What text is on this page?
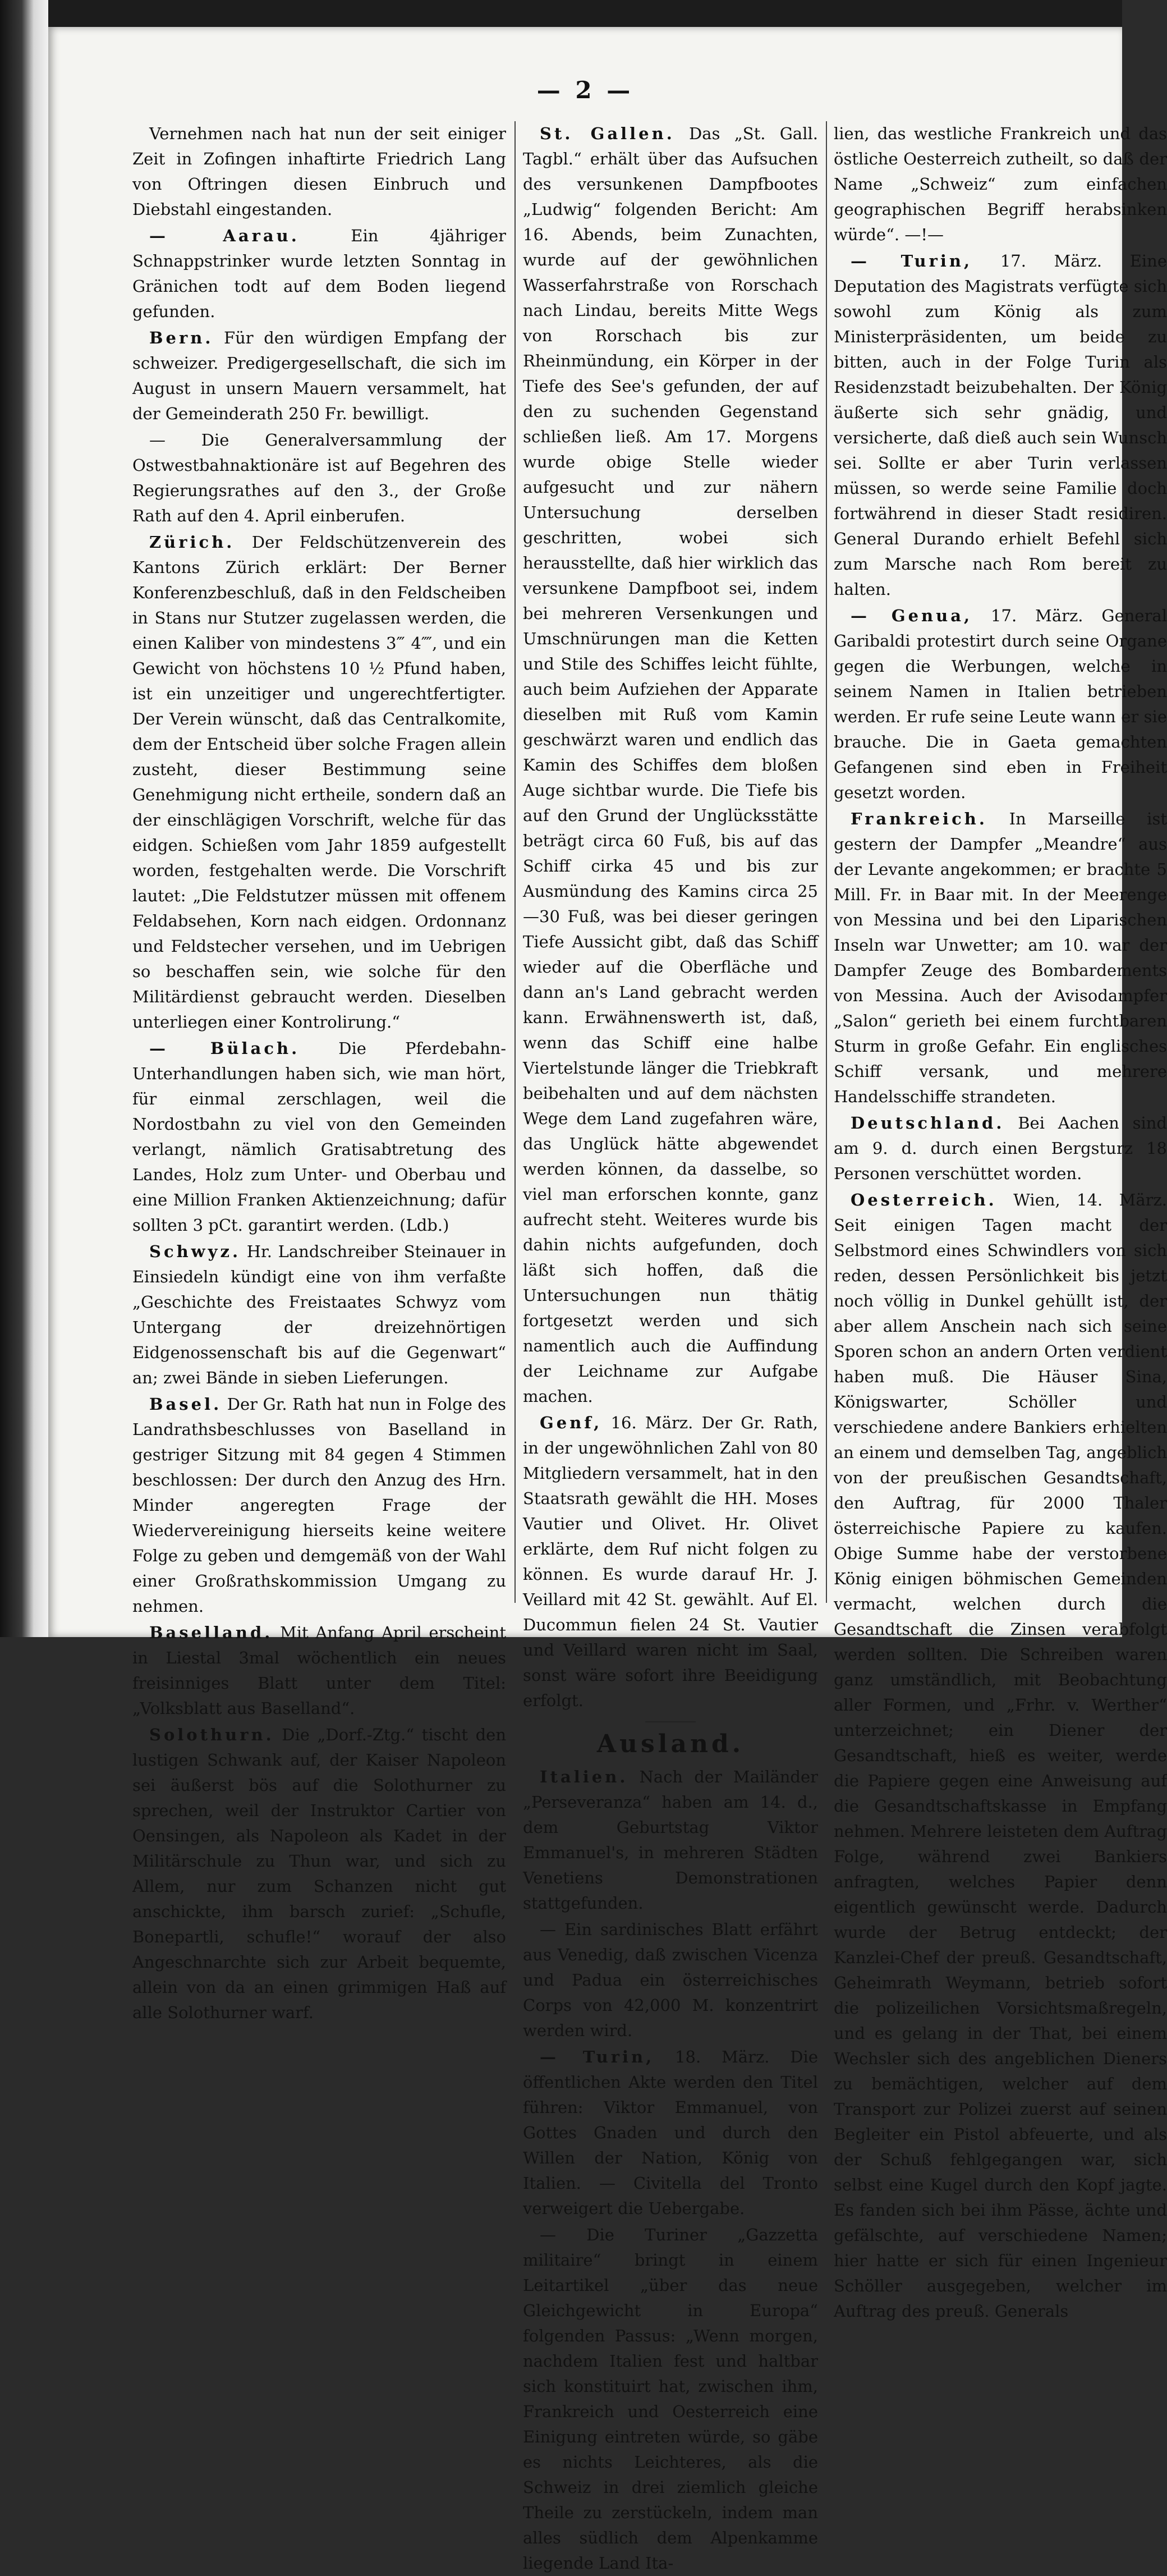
— 2 —

Vernehmen nach hat nun der seit einiger Zeit in Zofingen inhaftirte Friedrich Lang von Oftringen diesen Einbruch und Diebstahl eingestanden.

— Aarau. Ein 4jähriger Schnappstrinker wurde letzten Sonntag in Gränichen todt auf dem Boden liegend gefunden.

Bern. Für den würdigen Empfang der schweizer. Predigergesellschaft, die sich im August in unsern Mauern versammelt, hat der Gemeinderath 250 Fr. bewilligt.

— Die Generalversammlung der Ostwestbahnaktionäre ist auf Begehren des Regierungsrathes auf den 3., der Große Rath auf den 4. April einberufen.

Zürich. Der Feldschützenverein des Kantons Zürich erklärt: Der Berner Konferenzbeschluß, daß in den Feldscheiben in Stans nur Stutzer zugelassen werden, die einen Kaliber von mindestens 3‴ 4⁗, und ein Gewicht von höchstens 10 ½ Pfund haben, ist ein unzeitiger und ungerechtfertigter. Der Verein wünscht, daß das Centralkomite, dem der Entscheid über solche Fragen allein zusteht, dieser Bestimmung seine Genehmigung nicht ertheile, sondern daß an der einschlägigen Vorschrift, welche für das eidgen. Schießen vom Jahr 1859 aufgestellt worden, festgehalten werde. Die Vorschrift lautet: „Die Feldstutzer müssen mit offenem Feldabsehen, Korn nach eidgen. Ordonnanz und Feldstecher versehen, und im Uebrigen so beschaffen sein, wie solche für den Militärdienst gebraucht werden. Dieselben unterliegen einer Kontrolirung.“

— Bülach. Die Pferdebahn-Unterhandlungen haben sich, wie man hört, für einmal zerschlagen, weil die Nordostbahn zu viel von den Gemeinden verlangt, nämlich Gratisabtretung des Landes, Holz zum Unter- und Oberbau und eine Million Franken Aktienzeichnung; dafür sollten 3 pCt. garantirt werden. (Ldb.)

Schwyz. Hr. Landschreiber Steinauer in Einsiedeln kündigt eine von ihm verfaßte „Geschichte des Freistaates Schwyz vom Untergang der dreizehnörtigen Eidgenossenschaft bis auf die Gegenwart“ an; zwei Bände in sieben Lieferungen.

Basel. Der Gr. Rath hat nun in Folge des Landrathsbeschlusses von Baselland in gestriger Sitzung mit 84 gegen 4 Stimmen beschlossen: Der durch den Anzug des Hrn. Minder angeregten Frage der Wiedervereinigung hierseits keine weitere Folge zu geben und demgemäß von der Wahl einer Großrathskommission Umgang zu nehmen.

Baselland. Mit Anfang April erscheint in Liestal 3mal wöchentlich ein neues freisinniges Blatt unter dem Titel: „Volksblatt aus Baselland“.

Solothurn. Die „Dorf.-Ztg.“ tischt den lustigen Schwank auf, der Kaiser Napoleon sei äußerst bös auf die Solothurner zu sprechen, weil der Instruktor Cartier von Oensingen, als Napoleon als Kadet in der Militärschule zu Thun war, und sich zu Allem, nur zum Schanzen nicht gut anschickte, ihm barsch zurief: „Schufle, Bonepartli, schufle!“ worauf der also Angeschnarchte sich zur Arbeit bequemte, allein von da an einen grimmigen Haß auf alle Solothurner warf.

St. Gallen. Das „St. Gall. Tagbl.“ erhält über das Aufsuchen des versunkenen Dampfbootes „Ludwig“ folgenden Bericht: Am 16. Abends, beim Zunachten, wurde auf der gewöhnlichen Wasserfahrstraße von Rorschach nach Lindau, bereits Mitte Wegs von Rorschach bis zur Rheinmündung, ein Körper in der Tiefe des See's gefunden, der auf den zu suchenden Gegenstand schließen ließ. Am 17. Morgens wurde obige Stelle wieder aufgesucht und zur nähern Untersuchung derselben geschritten, wobei sich herausstellte, daß hier wirklich das versunkene Dampfboot sei, indem bei mehreren Versenkungen und Umschnürungen man die Ketten und Stile des Schiffes leicht fühlte, auch beim Aufziehen der Apparate dieselben mit Ruß vom Kamin geschwärzt waren und endlich das Kamin des Schiffes dem bloßen Auge sichtbar wurde. Die Tiefe bis auf den Grund der Unglücksstätte beträgt circa 60 Fuß, bis auf das Schiff cirka 45 und bis zur Ausmündung des Kamins circa 25—30 Fuß, was bei dieser geringen Tiefe Aussicht gibt, daß das Schiff wieder auf die Oberfläche und dann an's Land gebracht werden kann. Erwähnenswerth ist, daß, wenn das Schiff eine halbe Viertelstunde länger die Triebkraft beibehalten und auf dem nächsten Wege dem Land zugefahren wäre, das Unglück hätte abgewendet werden können, da dasselbe, so viel man erforschen konnte, ganz aufrecht steht. Weiteres wurde bis dahin nichts aufgefunden, doch läßt sich hoffen, daß die Untersuchungen nun thätig fortgesetzt werden und sich namentlich auch die Auffindung der Leichname zur Aufgabe machen.

Genf, 16. März. Der Gr. Rath, in der ungewöhnlichen Zahl von 80 Mitgliedern versammelt, hat in den Staatsrath gewählt die HH. Moses Vautier und Olivet. Hr. Olivet erklärte, dem Ruf nicht folgen zu können. Es wurde darauf Hr. J. Veillard mit 42 St. gewählt. Auf El. Ducommun fielen 24 St. Vautier und Veillard waren nicht im Saal, sonst wäre sofort ihre Beeidigung erfolgt.

Ausland.

Italien. Nach der Mailänder „Perseveranza“ haben am 14. d., dem Geburtstag Viktor Emmanuel's, in mehreren Städten Venetiens Demonstrationen stattgefunden.

— Ein sardinisches Blatt erfährt aus Venedig, daß zwischen Vicenza und Padua ein österreichisches Corps von 42,000 M. konzentrirt werden wird.

— Turin, 18. März. Die öffentlichen Akte werden den Titel führen: Viktor Emmanuel, von Gottes Gnaden und durch den Willen der Nation, König von Italien. — Civitella del Tronto verweigert die Uebergabe.

— Die Turiner „Gazzetta militaire“ bringt in einem Leitartikel „über das neue Gleichgewicht in Europa“ folgenden Passus: „Wenn morgen, nachdem Italien fest und haltbar sich konstituirt hat, zwischen ihm, Frankreich und Oesterreich eine Einigung eintreten würde, so gäbe es nichts Leichteres, als die Schweiz in drei ziemlich gleiche Theile zu zerstückeln, indem man alles südlich dem Alpenkamme liegende Land Ita-

lien, das westliche Frankreich und das östliche Oesterreich zutheilt, so daß der Name „Schweiz“ zum einfachen geographischen Begriff herabsinken würde“. —!—

— Turin, 17. März. Eine Deputation des Magistrats verfügte sich sowohl zum König als zum Ministerpräsidenten, um beide zu bitten, auch in der Folge Turin als Residenzstadt beizubehalten. Der König äußerte sich sehr gnädig, und versicherte, daß dieß auch sein Wunsch sei. Sollte er aber Turin verlassen müssen, so werde seine Familie doch fortwährend in dieser Stadt residiren. General Durando erhielt Befehl sich zum Marsche nach Rom bereit zu halten.

— Genua, 17. März. General Garibaldi protestirt durch seine Organe gegen die Werbungen, welche in seinem Namen in Italien betrieben werden. Er rufe seine Leute wann er sie brauche. Die in Gaeta gemachten Gefangenen sind eben in Freiheit gesetzt worden.

Frankreich. In Marseille ist gestern der Dampfer „Meandre“ aus der Levante angekommen; er brachte 5 Mill. Fr. in Baar mit. In der Meerenge von Messina und bei den Liparischen Inseln war Unwetter; am 10. war der Dampfer Zeuge des Bombardements von Messina. Auch der Avisodampfer „Salon“ gerieth bei einem furchtbaren Sturm in große Gefahr. Ein englisches Schiff versank, und mehrere Handelsschiffe strandeten.

Deutschland. Bei Aachen sind am 9. d. durch einen Bergsturz 18 Personen verschüttet worden.

Oesterreich. Wien, 14. März. Seit einigen Tagen macht der Selbstmord eines Schwindlers von sich reden, dessen Persönlichkeit bis jetzt noch völlig in Dunkel gehüllt ist, der aber allem Anschein nach sich seine Sporen schon an andern Orten verdient haben muß. Die Häuser Sina, Königswarter, Schöller und verschiedene andere Bankiers erhielten an einem und demselben Tag, angeblich von der preußischen Gesandtschaft, den Auftrag, für 2000 Thaler österreichische Papiere zu kaufen. Obige Summe habe der verstorbene König einigen böhmischen Gemeinden vermacht, welchen durch die Gesandtschaft die Zinsen verabfolgt werden sollten. Die Schreiben waren ganz umständlich, mit Beobachtung aller Formen, und „Frhr. v. Werther“ unterzeichnet; ein Diener der Gesandtschaft, hieß es weiter, werde die Papiere gegen eine Anweisung auf die Gesandtschaftskasse in Empfang nehmen. Mehrere leisteten dem Auftrag Folge, während zwei Bankiers anfragten, welches Papier denn eigentlich gewünscht werde. Dadurch wurde der Betrug entdeckt; der Kanzlei-Chef der preuß. Gesandtschaft, Geheimrath Weymann, betrieb sofort die polizeilichen Vorsichtsmaßregeln, und es gelang in der That, bei einem Wechsler sich des angeblichen Dieners zu bemächtigen, welcher auf dem Transport zur Polizei zuerst auf seinen Begleiter ein Pistol abfeuerte, und als der Schuß fehlgegangen war, sich selbst eine Kugel durch den Kopf jagte. Es fanden sich bei ihm Pässe, ächte und gefälschte, auf verschiedene Namen; hier hatte er sich für einen Ingenieur Schöller ausgegeben, welcher im Auftrag des preuß. Generals
